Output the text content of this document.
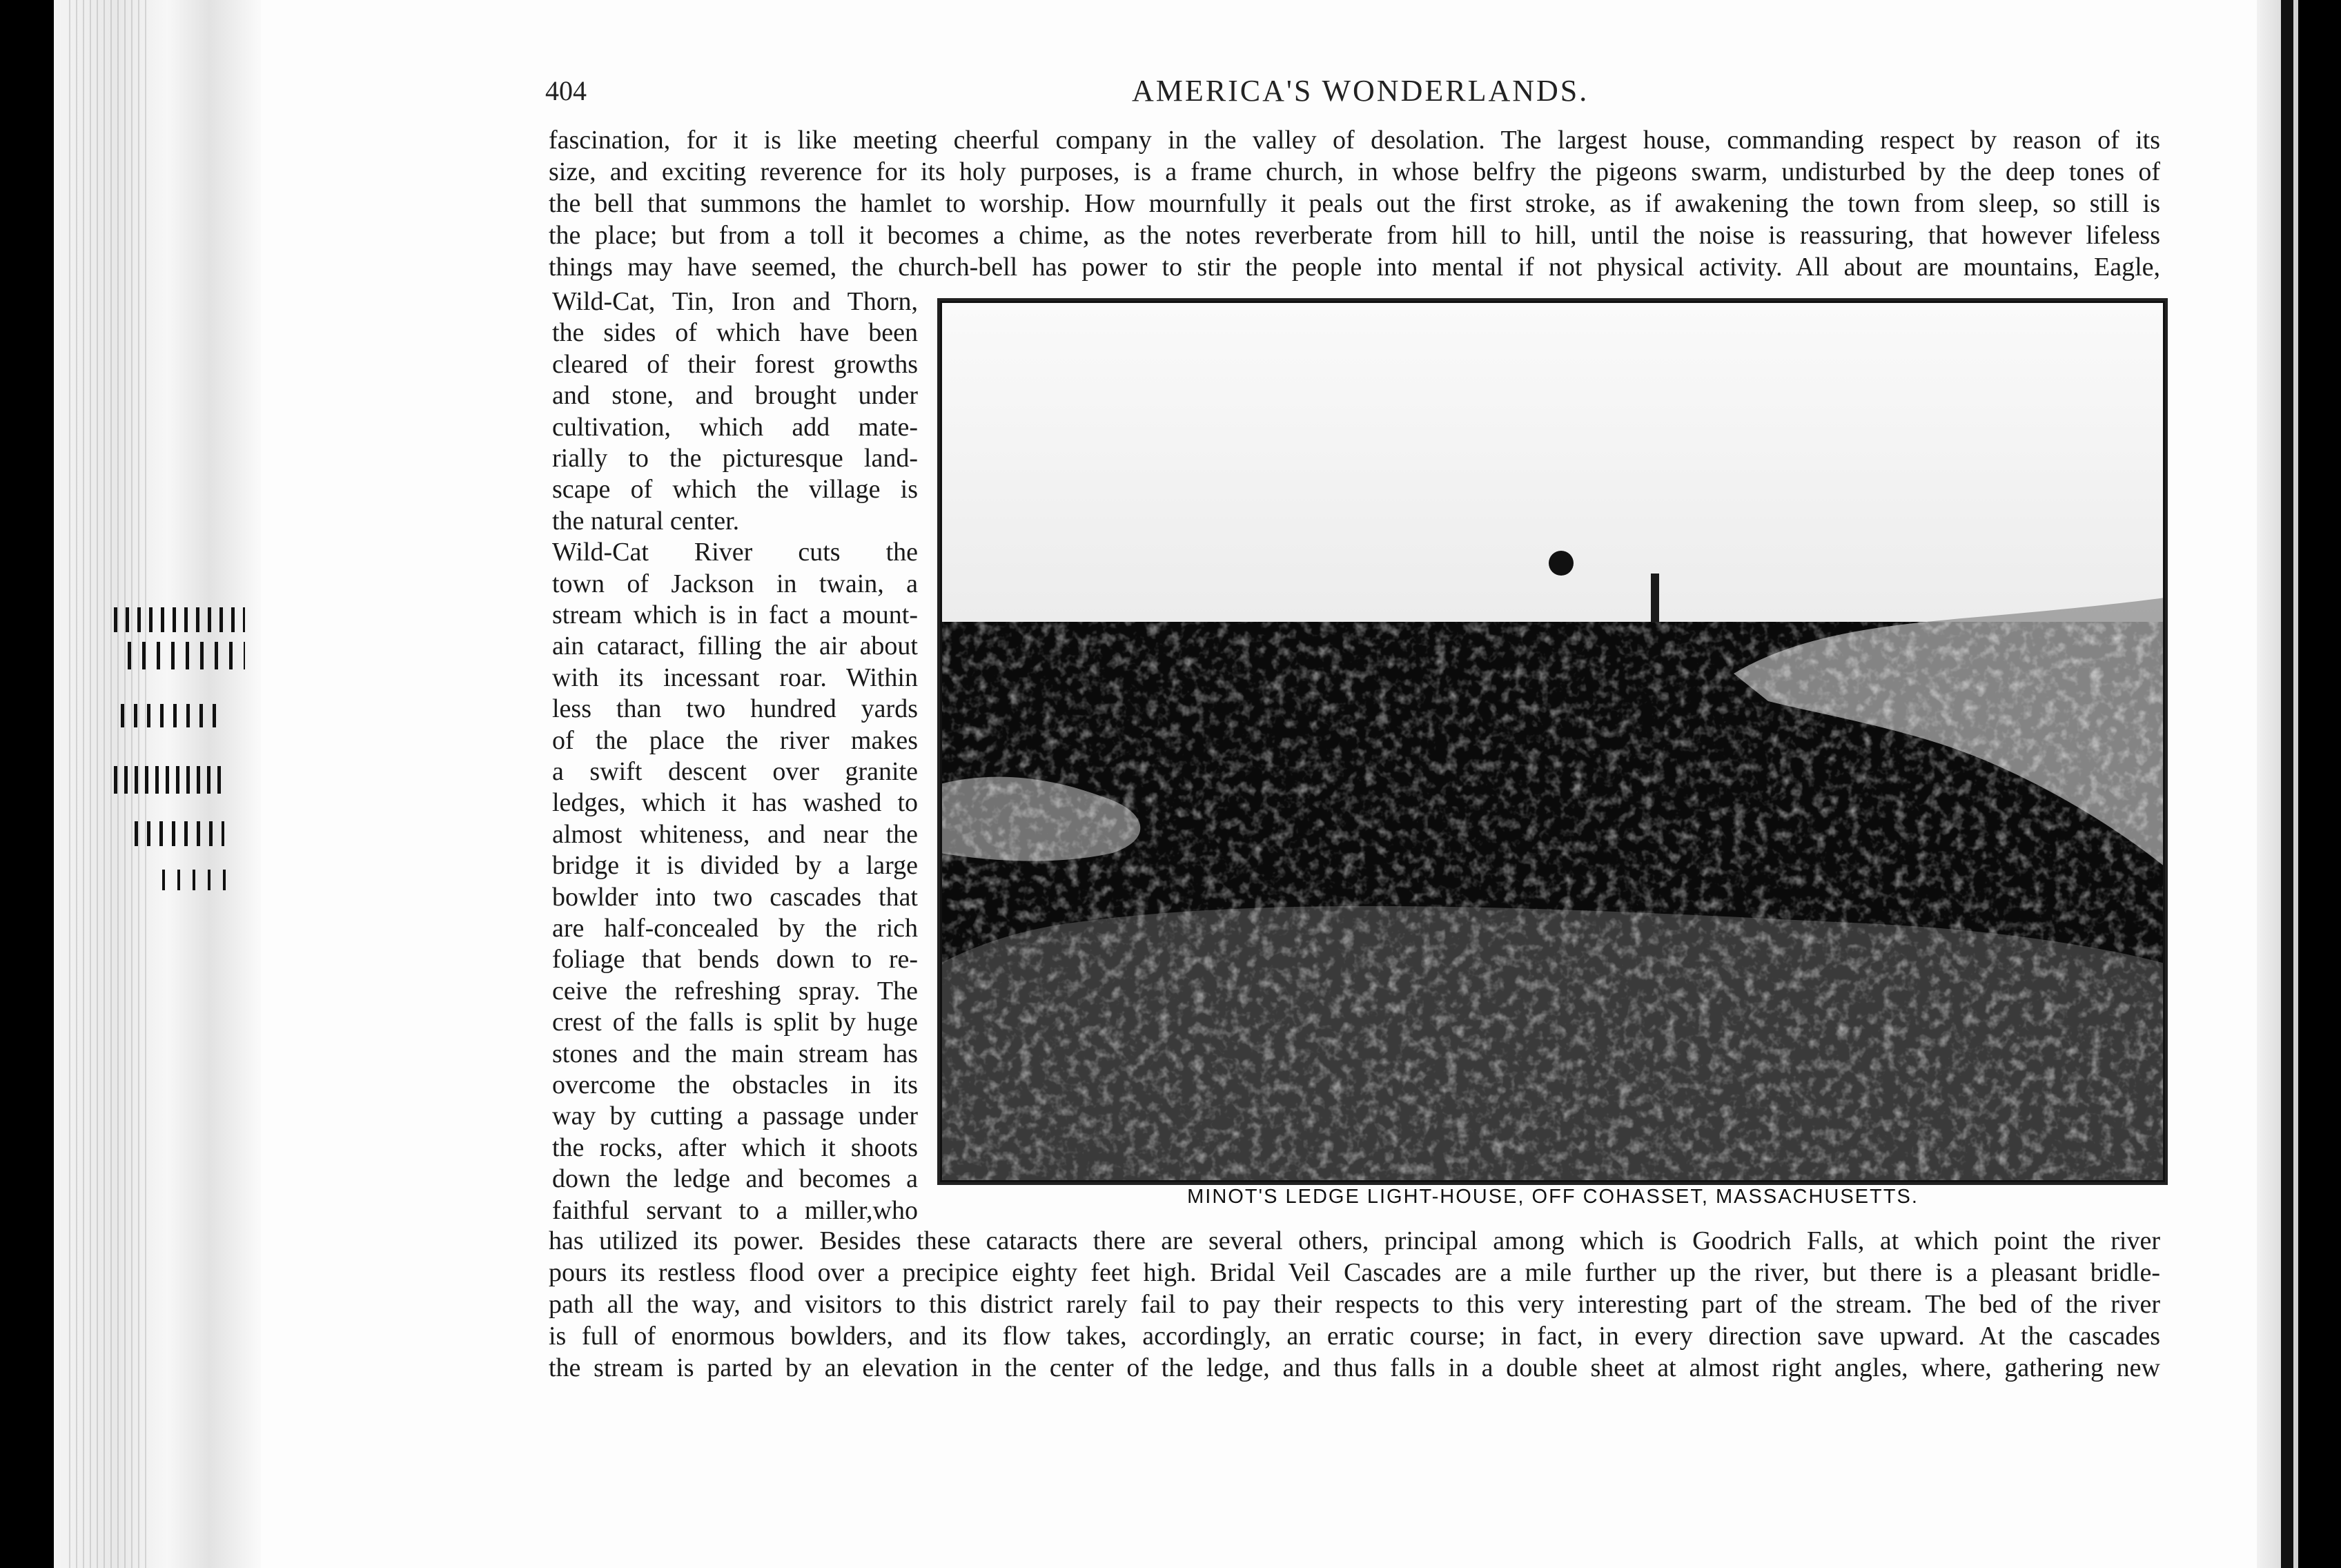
404	AMERICA'S WONDERLANDS.
fascination, for it is like meeting cheerful company in the valley of desolation. The largest house, commanding respect by reason of its
size, and exciting reverence for its holy purposes, is a frame church, in whose belfry the pigeons swarm, undisturbed by the deep tones of
the bell that summons the hamlet to worship. How mournfully it peals out the first stroke, as if awakening the town from sleep, so still is
the place; but from a toll it becomes a chime, as the notes reverberate from hill to hill, until the noise is reassuring, that however lifeless
things may have seemed, the church-bell has power to stir the people into mental if not physical activity. All about are mountains, Eagle,
MINOT'S LEDGE LIGHT-HOUSE, OFF COHASSET, MASSACHUSETTS.
Wild-Cat, Tin, Iron and Thorn,
the sides of which have been
cleared of their forest growths
and stone, and brought under
cultivation, which add mate-
rially to the picturesque land-
scape of which the village is
the natural center.
Wild-Cat River cuts the
town of Jackson in twain, a
stream which is in fact a mount-
ain cataract, filling the air about
with its incessant roar. Within
less than two hundred yards
of the place the river makes
a swift descent over granite
ledges, which it has washed to
almost whiteness, and near the
bridge it is divided by a large
bowlder into two cascades that
are half-concealed by the rich
foliage that bends down to re-
ceive the refreshing spray. The
crest of the falls is split by huge
stones and the main stream has
overcome the obstacles in its
way by cutting a passage under
the rocks, after which it shoots
down the ledge and becomes a
faithful servant to a miller,who
has utilized its power. Besides these cataracts there are several others, principal among which is Goodrich Falls, at which point the river
pours its restless flood over a precipice eighty feet high. Bridal Veil Cascades are a mile further up the river, but there is a pleasant bridle-
path all the way, and visitors to this district rarely fail to pay their respects to this very interesting part of the stream. The bed of the river
is full of enormous bowlders, and its flow takes, accordingly, an erratic course; in fact, in every direction save upward. At the cascades
the stream is parted by an elevation in the center of the ledge, and thus falls in a double sheet at almost right angles, where, gathering new
